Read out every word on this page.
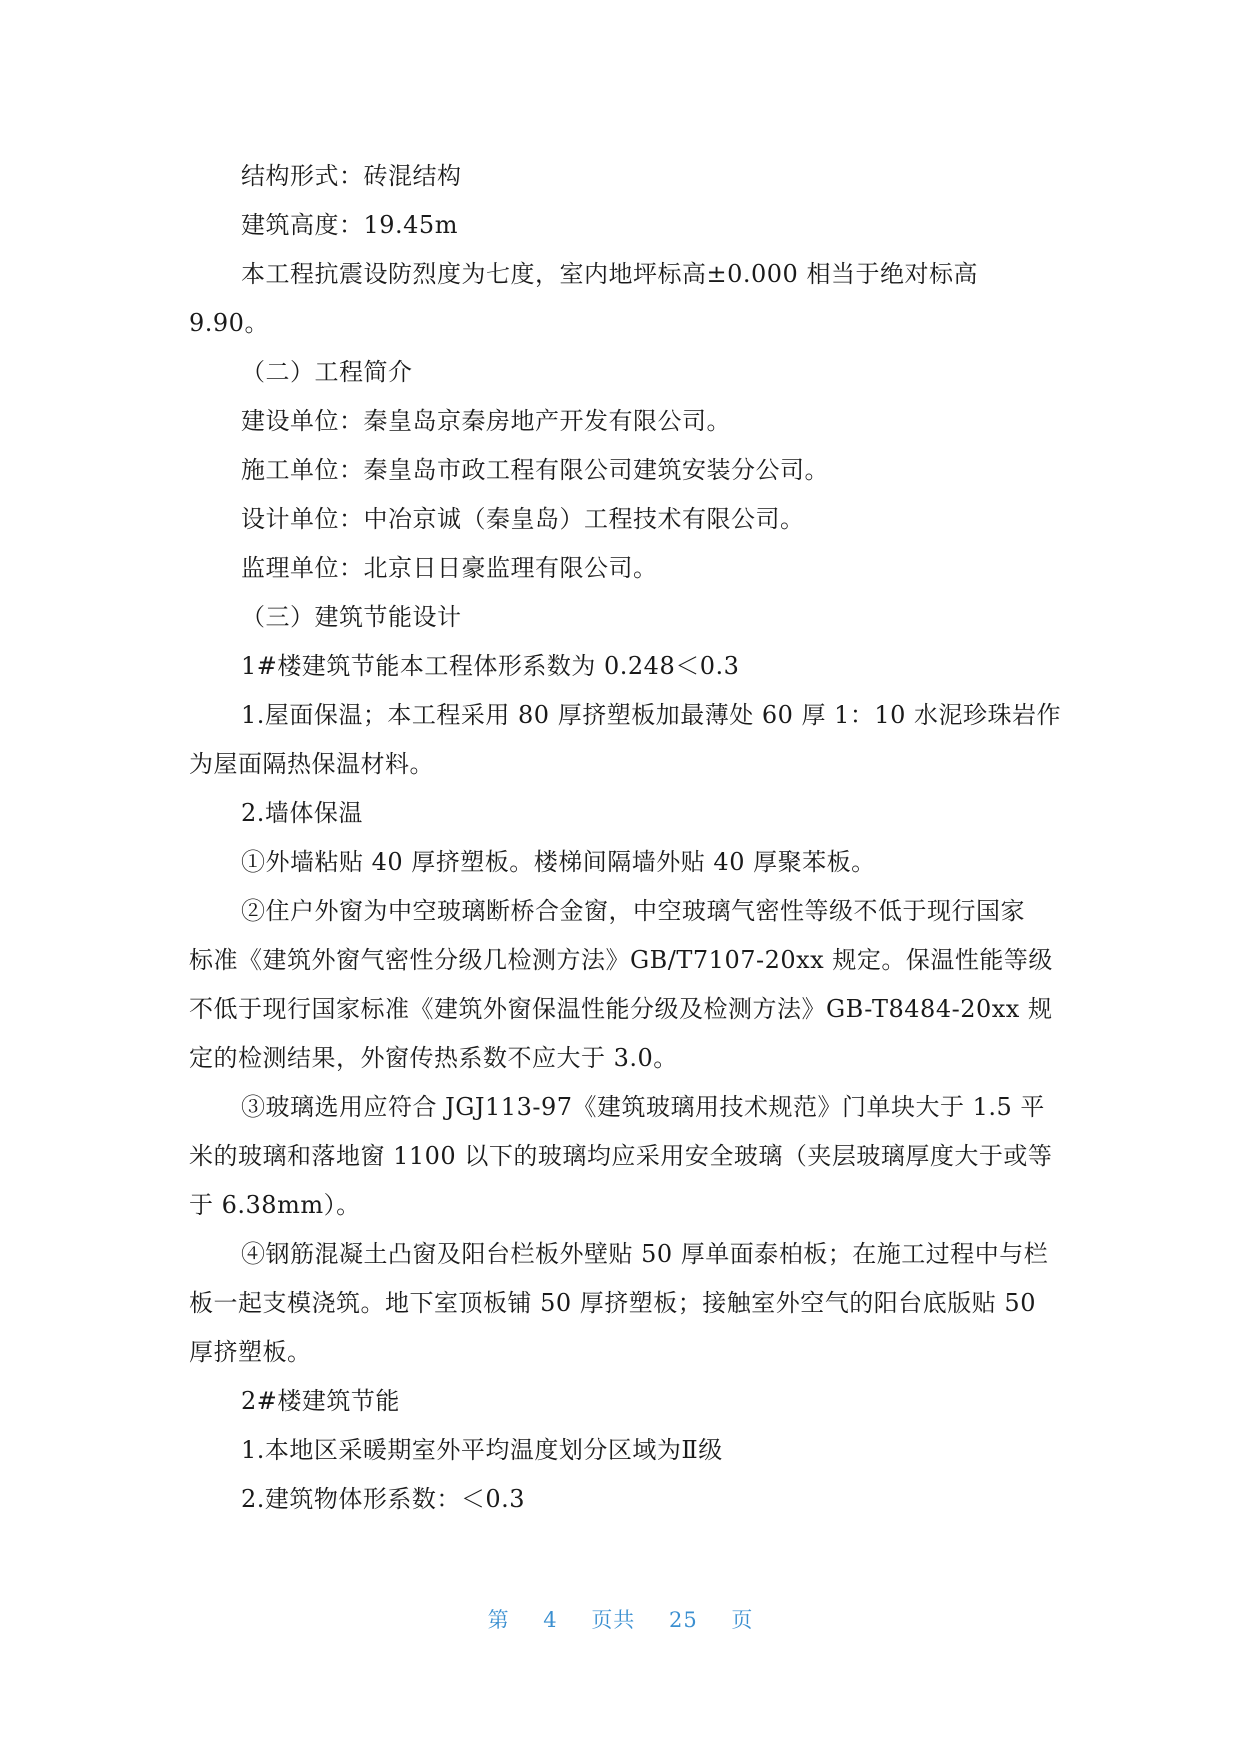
结构形式：砖混结构
建筑高度：19.45m
本工程抗震设防烈度为七度，室内地坪标高±0.000 相当于绝对标高
9.90。
（二）工程简介
建设单位：秦皇岛京秦房地产开发有限公司。
施工单位：秦皇岛市政工程有限公司建筑安装分公司。
设计单位：中冶京诚（秦皇岛）工程技术有限公司。
监理单位：北京日日豪监理有限公司。
（三）建筑节能设计
1#楼建筑节能本工程体形系数为 0.248＜0.3
1.屋面保温；本工程采用 80 厚挤塑板加最薄处 60 厚 1：10 水泥珍珠岩作
为屋面隔热保温材料。
2.墙体保温
①外墙粘贴 40 厚挤塑板。楼梯间隔墙外贴 40 厚聚苯板。
②住户外窗为中空玻璃断桥合金窗，中空玻璃气密性等级不低于现行国家
标准《建筑外窗气密性分级几检测方法》GB/T7107-20xx 规定。保温性能等级
不低于现行国家标准《建筑外窗保温性能分级及检测方法》GB-T8484-20xx 规
定的检测结果，外窗传热系数不应大于 3.0。
③玻璃选用应符合 JGJ113-97《建筑玻璃用技术规范》门单块大于 1.5 平
米的玻璃和落地窗 1100 以下的玻璃均应采用安全玻璃（夹层玻璃厚度大于或等
于 6.38mm）。
④钢筋混凝土凸窗及阳台栏板外壁贴 50 厚单面泰柏板；在施工过程中与栏
板一起支模浇筑。地下室顶板铺 50 厚挤塑板；接触室外空气的阳台底版贴 50
厚挤塑板。
2#楼建筑节能
1.本地区采暖期室外平均温度划分区域为Ⅱ级
2.建筑物体形系数：＜0.3
第 4 页共 25 页
